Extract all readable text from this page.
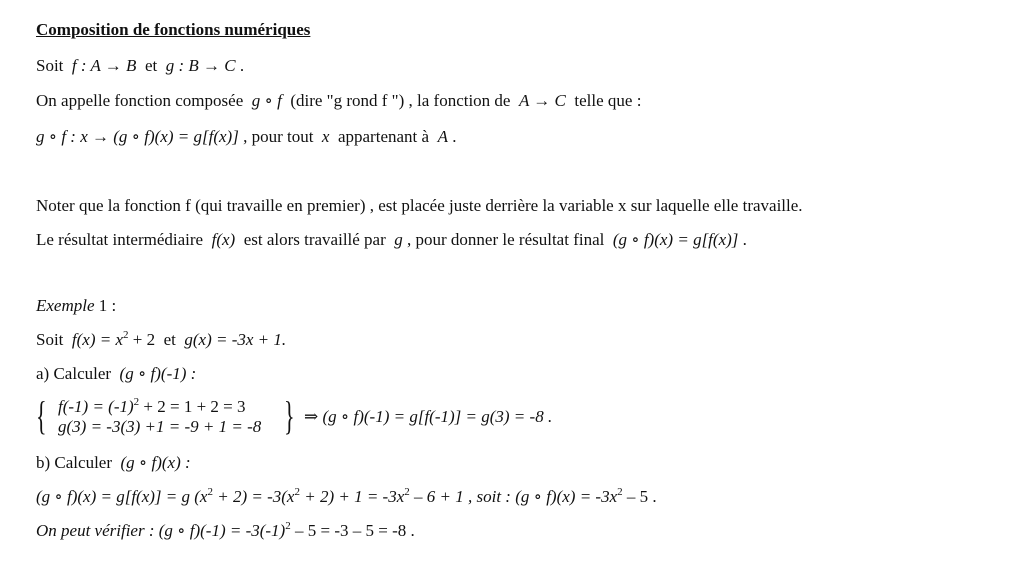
Composition de fonctions numériques
Soit f : A → B et g : B → C .
On appelle fonction composée g ∘ f (dire "g rond f ") , la fonction de A → C telle que :
g ∘ f : x → (g ∘ f)(x) = g[f(x)] , pour tout x appartenant à A .
Noter que la fonction f (qui travaille en premier) , est placée juste derrière la variable x sur laquelle elle travaille.
Le résultat intermédiaire f(x) est alors travaillé par g , pour donner le résultat final (g ∘ f)(x) = g[f(x)] .
Exemple 1 :
Soit $f(x) = x^2 + 2$ et g(x) = -3x + 1.
a) Calculer (g ∘ f)(-1) :
{ $f(-1) = (-1)^2 + 2 = 1 + 2 = 3$
g(3) = -3(3) +1 = -9 + 1 = -8 } ⇒ (g ∘ f)(-1) = g[f(-1)] = g(3) = -8 .
b) Calculer (g ∘ f)(x) :
(g ∘ f)(x) = g[f(x)] = g $(x^2 + 2) = -3(x^2 + 2) + 1 = -3x^2 - 6 + 1$ , soit : (g ∘ $f)(x) = -3x^2 - 5$ .
On peut vérifier : (g ∘ $f)(-1) = -3(-1)^2 - 5 = -3 - 5 = -8$ .
